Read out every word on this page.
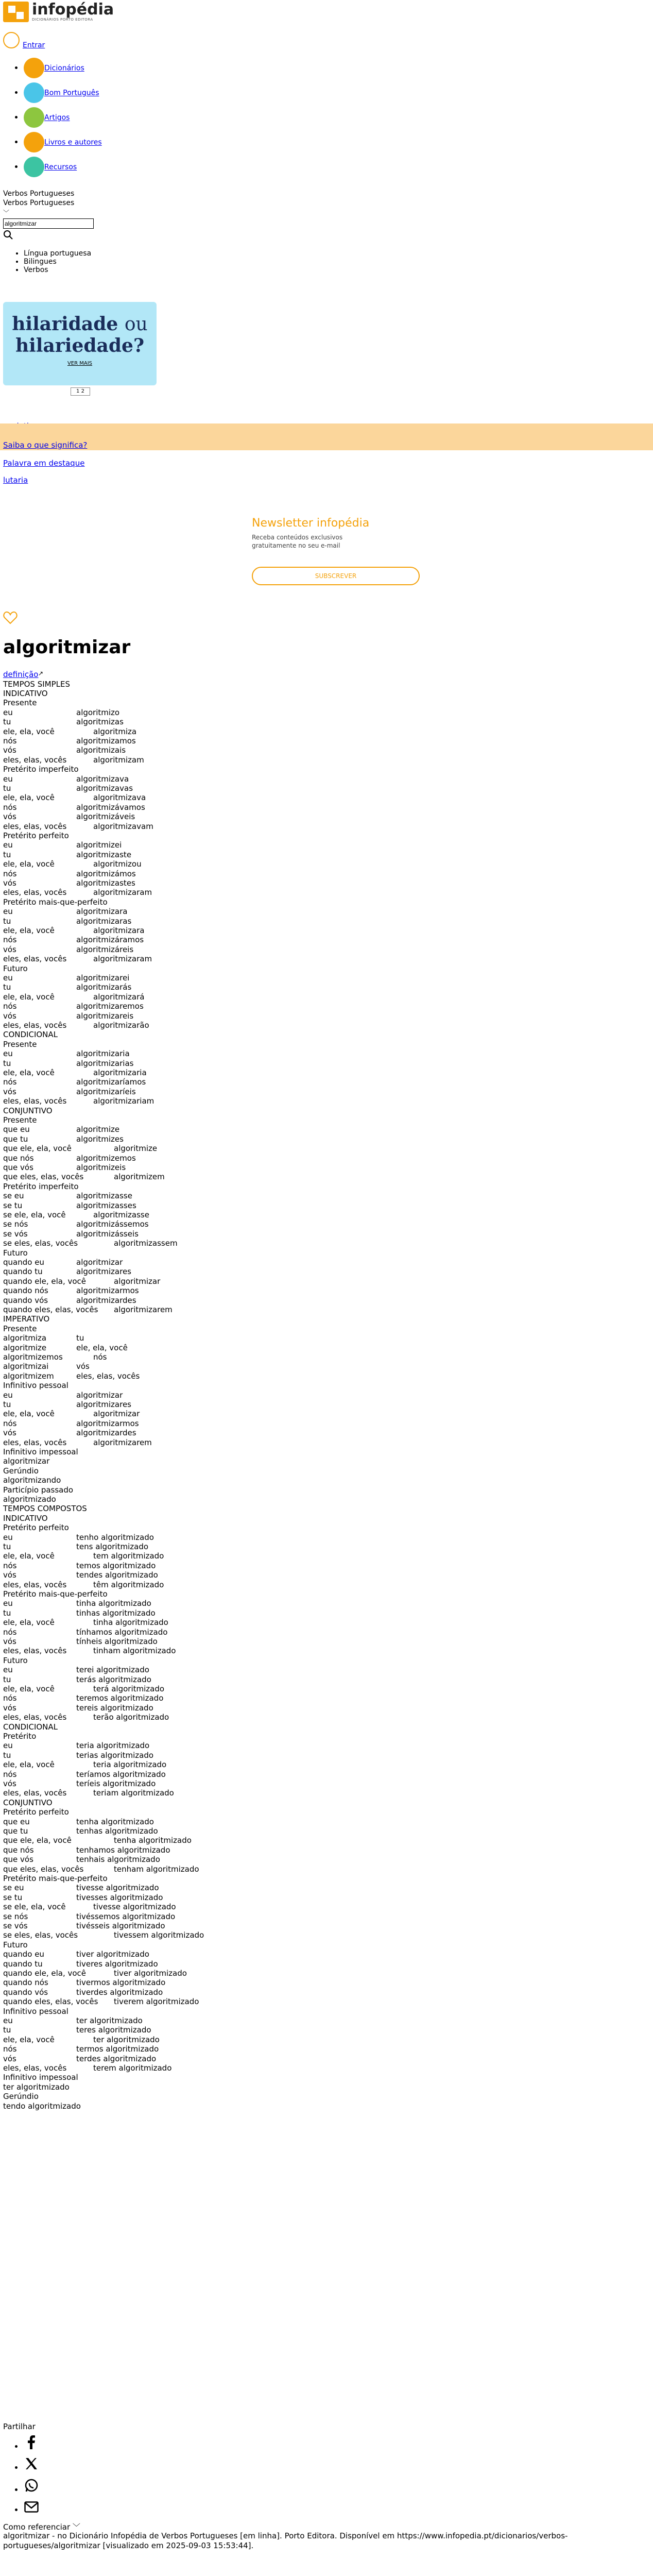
infopédia
DICIONÁRIOS PORTO EDITORA
Entrar
• Dicionários
• Bom Português
• Artigos
• Livros e autores
• Recursos
Verbos Portugueses
Verbos Portugueses
﹀
algoritmizar
• Língua portuguesa
• Bilingues
• Verbos
hilaridade ou
hilariedade?
VER MAIS
1 2
Saiba o que significa?
Palavra em destaque
lutaria
Newsletter infopédia
Receba conteúdos exclusivos
gratuitamente no seu e-mail
SUBSCREVER
algoritmizar
definição ↗
TEMPOS SIMPLES
INDICATIVO
Presente
eu	algoritmizo
tu	algoritmizas
ele, ela, você	algoritmiza
nós	algoritmizamos
vós	algoritmizais
eles, elas, vocês	algoritmizam
Pretérito imperfeito
eu	algoritmizava
tu	algoritmizavas
ele, ela, você	algoritmizava
nós	algoritmizávamos
vós	algoritmizáveis
eles, elas, vocês	algoritmizavam
Pretérito perfeito
eu	algoritmizei
tu	algoritmizaste
ele, ela, você	algoritmizou
nós	algoritmizámos
vós	algoritmizastes
eles, elas, vocês	algoritmizaram
Pretérito mais-que-perfeito
eu	algoritmizara
tu	algoritmizaras
ele, ela, você	algoritmizara
nós	algoritmizáramos
vós	algoritmizáreis
eles, elas, vocês	algoritmizaram
Futuro
eu	algoritmizarei
tu	algoritmizarás
ele, ela, você	algoritmizará
nós	algoritmizaremos
vós	algoritmizareis
eles, elas, vocês	algoritmizarão
CONDICIONAL
Presente
eu	algoritmizaria
tu	algoritmizarias
ele, ela, você	algoritmizaria
nós	algoritmizaríamos
vós	algoritmizaríeis
eles, elas, vocês	algoritmizariam
CONJUNTIVO
Presente
que eu	algoritmize
que tu	algoritmizes
que ele, ela, você	algoritmize
que nós	algoritmizemos
que vós	algoritmizeis
que eles, elas, vocês	algoritmizem
Pretérito imperfeito
se eu	algoritmizasse
se tu	algoritmizasses
se ele, ela, você	algoritmizasse
se nós	algoritmizássemos
se vós	algoritmizásseis
se eles, elas, vocês	algoritmizassem
Futuro
quando eu	algoritmizar
quando tu	algoritmizares
quando ele, ela, você	algoritmizar
quando nós	algoritmizarmos
quando vós	algoritmizardes
quando eles, elas, vocês algoritmizarem
IMPERATIVO
Presente
algoritmiza	tu
algoritmize	ele, ela, você
algoritmizemos	nós
algoritmizai	vós
algoritmizem	eles, elas, vocês
Infinitivo pessoal
eu	algoritmizar
tu	algoritmizares
ele, ela, você	algoritmizar
nós	algoritmizarmos
vós	algoritmizardes
eles, elas, vocês	algoritmizarem
Infinitivo impessoal
algoritmizar
Gerúndio
algoritmizando
Particípio passado
algoritmizado
TEMPOS COMPOSTOS
INDICATIVO
Pretérito perfeito
eu	tenho algoritmizado
tu	tens algoritmizado
ele, ela, você	tem algoritmizado
nós	temos algoritmizado
vós	tendes algoritmizado
eles, elas, vocês	têm algoritmizado
Pretérito mais-que-perfeito
eu	tinha algoritmizado
tu	tinhas algoritmizado
ele, ela, você	tinha algoritmizado
nós	tínhamos algoritmizado
vós	tínheis algoritmizado
eles, elas, vocês	tinham algoritmizado
Futuro
eu	terei algoritmizado
tu	terás algoritmizado
ele, ela, você	terá algoritmizado
nós	teremos algoritmizado
vós	tereis algoritmizado
eles, elas, vocês	terão algoritmizado
CONDICIONAL
Pretérito
eu	teria algoritmizado
tu	terias algoritmizado
ele, ela, você	teria algoritmizado
nós	teríamos algoritmizado
vós	teríeis algoritmizado
eles, elas, vocês	teriam algoritmizado
CONJUNTIVO
Pretérito perfeito
que eu	tenha algoritmizado
que tu	tenhas algoritmizado
que ele, ela, você	tenha algoritmizado
que nós	tenhamos algoritmizado
que vós	tenhais algoritmizado
que eles, elas, vocês	tenham algoritmizado
Pretérito mais-que-perfeito
se eu	tivesse algoritmizado
se tu	tivesses algoritmizado
se ele, ela, você	tivesse algoritmizado
se nós	tivéssemos algoritmizado
se vós	tivésseis algoritmizado
se eles, elas, vocês	tivessem algoritmizado
Futuro
quando eu	tiver algoritmizado
quando tu	tiveres algoritmizado
quando ele, ela, você	tiver algoritmizado
quando nós	tivermos algoritmizado
quando vós	tiverdes algoritmizado
quando eles, elas, vocês tiverem algoritmizado
Infinitivo pessoal
eu	ter algoritmizado
tu	teres algoritmizado
ele, ela, você	ter algoritmizado
nós	termos algoritmizado
vós	terdes algoritmizado
eles, elas, vocês	terem algoritmizado
Infinitivo impessoal
ter algoritmizado
Gerúndio
tendo algoritmizado
Partilhar
•
•
•
•
Como referenciar ﹀
algoritmizar - no Dicionário Infopédia de Verbos Portugueses [em linha]. Porto Editora. Disponível em https://www.infopedia.pt/dicionarios/verbos-portugueses/algoritmizar [visualizado em 2025-09-03 15:53:44].
